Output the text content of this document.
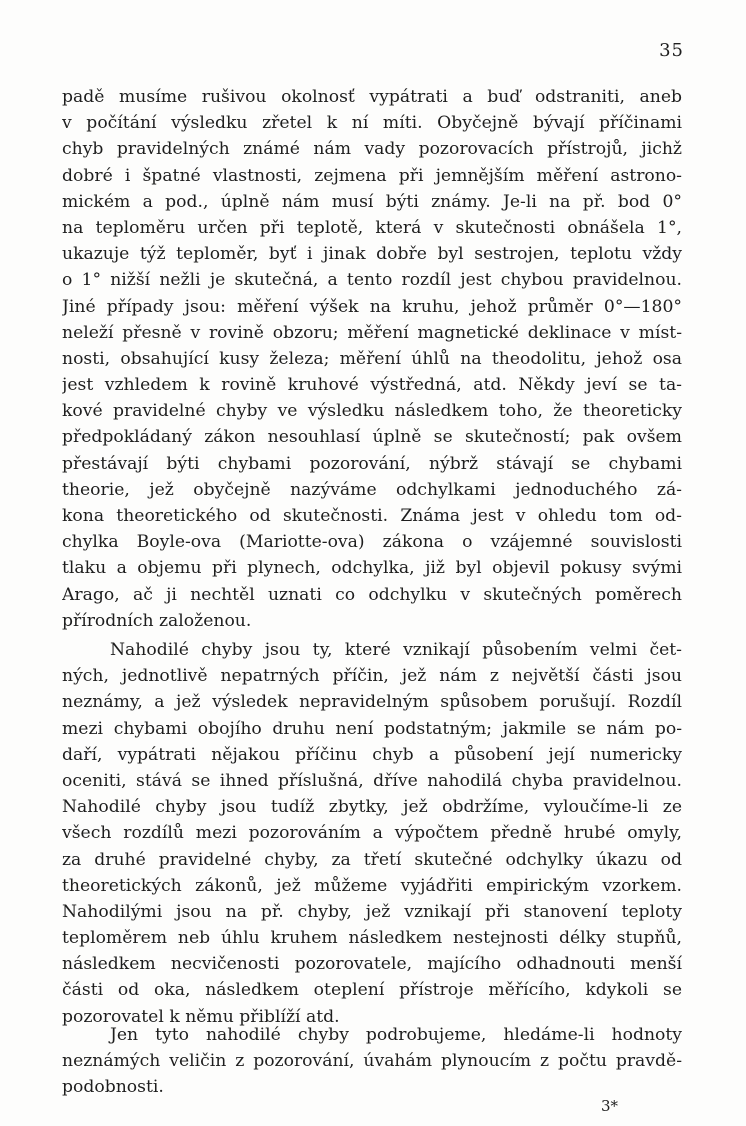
35
padě musíme rušivou okolnosť vypátrati a buď odstraniti, aneb
v počítání výsledku zřetel k ní míti. Obyčejně bývají příčinami
chyb pravidelných známé nám vady pozorovacích přístrojů, jichž
dobré i špatné vlastnosti, zejmena při jemnějším měření astrono-
mickém a pod., úplně nám musí býti známy. Je-li na př. bod 0°
na teploměru určen při teplotě, která v skutečnosti obnášela 1°,
ukazuje týž teploměr, byť i jinak dobře byl sestrojen, teplotu vždy
o 1° nižší nežli je skutečná, a tento rozdíl jest chybou pravidelnou.
Jiné případy jsou: měření výšek na kruhu, jehož průměr 0°—180°
neleží přesně v rovině obzoru; měření magnetické deklinace v míst-
nosti, obsahující kusy železa; měření úhlů na theodolitu, jehož osa
jest vzhledem k rovině kruhové výstředná, atd. Někdy jeví se ta-
kové pravidelné chyby ve výsledku následkem toho, že theoreticky
předpokládaný zákon nesouhlasí úplně se skutečností; pak ovšem
přestávají býti chybami pozorování, nýbrž stávají se chybami
theorie, jež obyčejně nazýváme odchylkami jednoduchého zá-
kona theoretického od skutečnosti. Známa jest v ohledu tom od-
chylka Boyle-ova (Mariotte-ova) zákona o vzájemné souvislosti
tlaku a objemu při plynech, odchylka, již byl objevil pokusy svými
Arago, ač ji nechtěl uznati co odchylku v skutečných poměrech
přírodních založenou.
Nahodilé chyby jsou ty, které vznikají působením velmi čet-
ných, jednotlivě nepatrných příčin, jež nám z největší části jsou
neznámy, a jež výsledek nepravidelným spůsobem porušují. Rozdíl
mezi chybami obojího druhu není podstatným; jakmile se nám po-
daří, vypátrati nějakou příčinu chyb a působení její numericky
oceniti, stává se ihned příslušná, dříve nahodilá chyba pravidelnou.
Nahodilé chyby jsou tudíž zbytky, jež obdržíme, vyloučíme-li ze
všech rozdílů mezi pozorováním a výpočtem předně hrubé omyly,
za druhé pravidelné chyby, za třetí skutečné odchylky úkazu od
theoretických zákonů, jež můžeme vyjádřiti empirickým vzorkem.
Nahodilými jsou na př. chyby, jež vznikají při stanovení teploty
teploměrem neb úhlu kruhem následkem nestejnosti délky stupňů,
následkem necvičenosti pozorovatele, majícího odhadnouti menší
části od oka, následkem oteplení přístroje měřícího, kdykoli se
pozorovatel k němu přiblíží atd.
Jen tyto nahodilé chyby podrobujeme, hledáme-li hodnoty
neznámých veličin z pozorování, úvahám plynoucím z počtu pravdě-
podobnosti.
3*
